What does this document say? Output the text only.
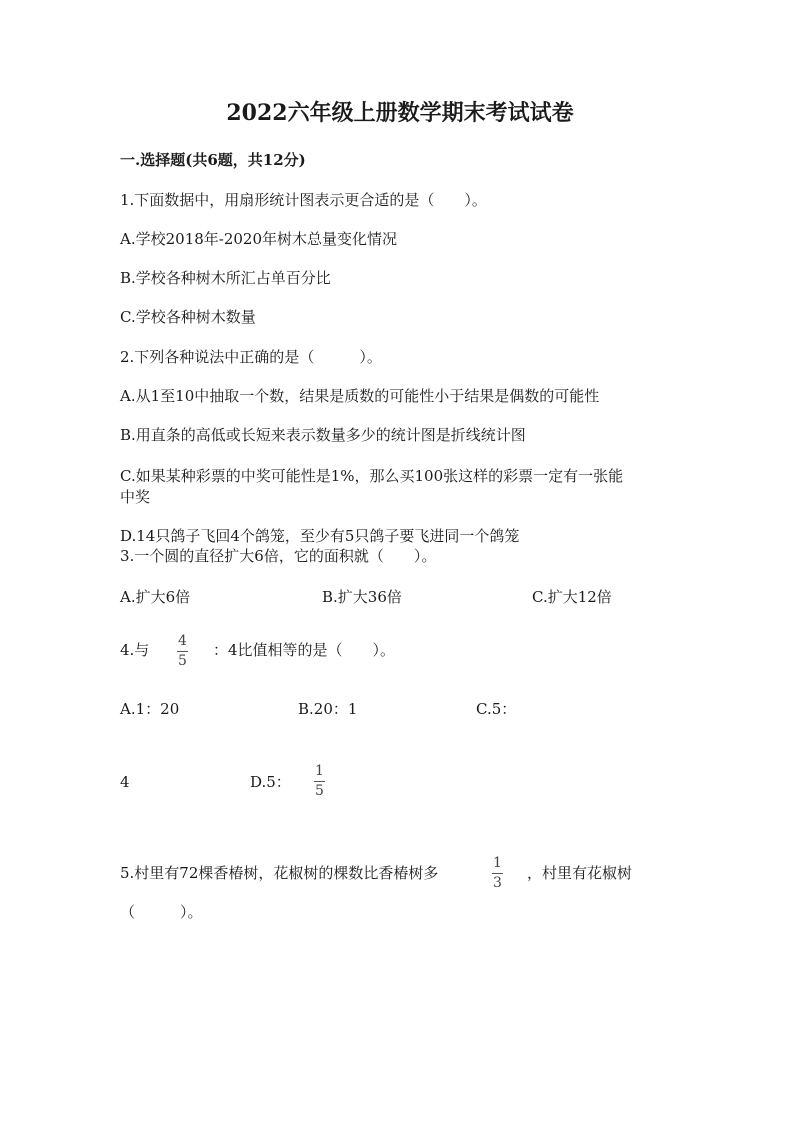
2022六年级上册数学期末考试试卷
一.选择题(共6题，共12分)
1.下面数据中，用扇形统计图表示更合适的是（　　）。
A.学校2018年-2020年树木总量变化情况
B.学校各种树木所汇占单百分比
C.学校各种树木数量
2.下列各种说法中正确的是（　　　）。
A.从1至10中抽取一个数，结果是质数的可能性小于结果是偶数的可能性
B.用直条的高低或长短来表示数量多少的统计图是折线统计图
C.如果某种彩票的中奖可能性是1%，那么买100张这样的彩票一定有一张能
中奖
D.14只鸽子飞回4个鸽笼，至少有5只鸽子要飞进同一个鸽笼
3.一个圆的直径扩大6倍，它的面积就（　　）。
A.扩大6倍	B.扩大36倍	C.扩大12倍
4.与 4
5
：4比值相等的是（　　）。
A.1：20	B.20：1	C.5：
4	D.5：
1
5
5.村里有72棵香椿树，花椒树的棵数比香椿树多
1
3
，村里有花椒树
（　　　）。
